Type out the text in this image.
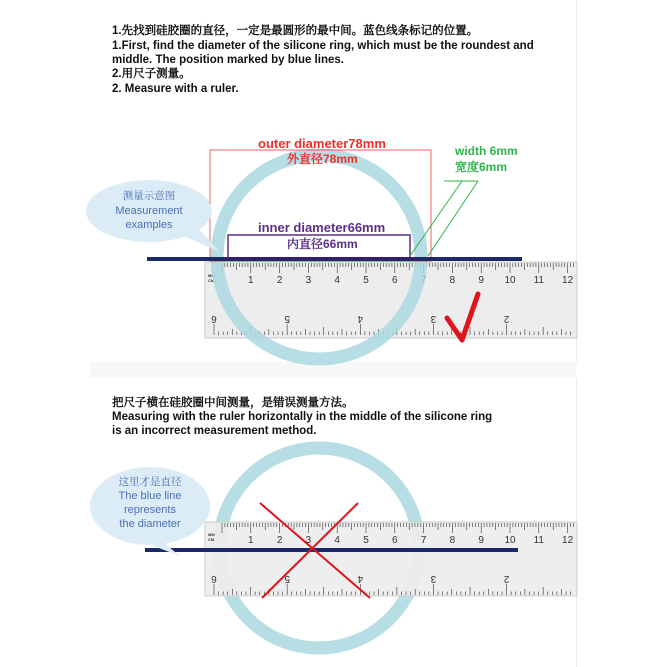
1.先找到硅胶圈的直径，一定是最圆形的最中间。蓝色线条标记的位置。
1.First, find the diameter of the silicone ring, which must be the roundest and
middle. The position marked by blue lines.
2.用尺子测量。
2. Measure with a ruler.
把尺子横在硅胶圈中间测量，是错误测量方法。
Measuring with the ruler horizontally in the middle of the silicone ring
is an incorrect measurement method.
1 2 3 4 5 6 7 8 9 10 11 12
6	5	4	3	2
MM
CM
outer diameter78mm
外直径78mm
inner diameter66mm
内直径66mm
width 6mm
宽度6mm
测量示意图
Measurement
examples
1 2 3 4 5 6 7 8 9 10 11 12
6	5	4	3	2
MM
CM
这里才是直径
The blue line
represents
the diameter
